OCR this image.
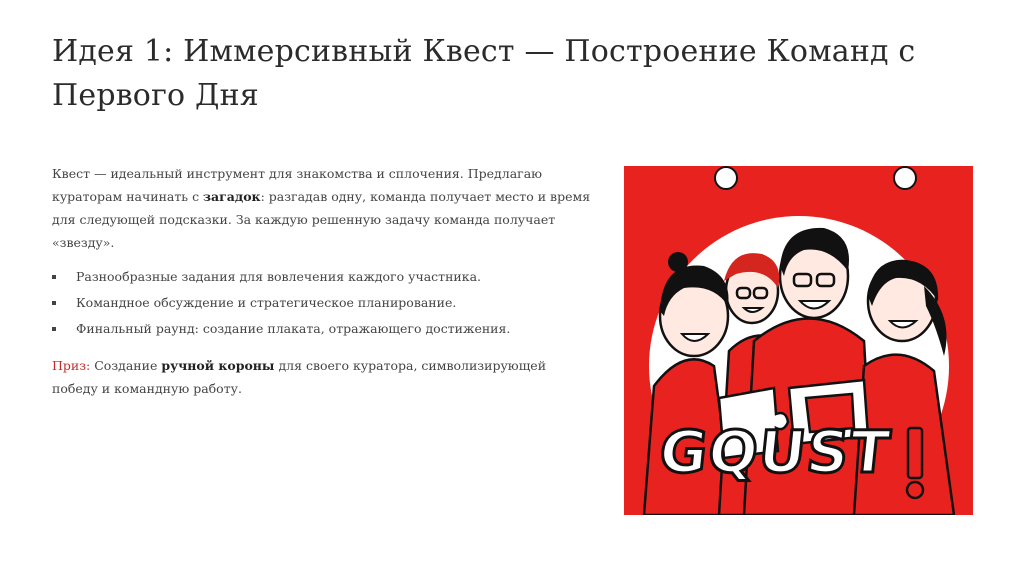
Идея 1: Иммерсивный Квест — Построение Команд с Первого Дня

Квест — идеальный инструмент для знакомства и сплочения. Предлагаю кураторам начинать с загадок: разгадав одну, команда получает место и время для следующей подсказки. За каждую решенную задачу команда получает «звезду».

Разнообразные задания для вовлечения каждого участника.
Командное обсуждение и стратегическое планирование.
Финальный раунд: создание плаката, отражающего достижения.

Приз: Создание ручной короны для своего куратора, символизирующей победу и командную работу.

GQUST
